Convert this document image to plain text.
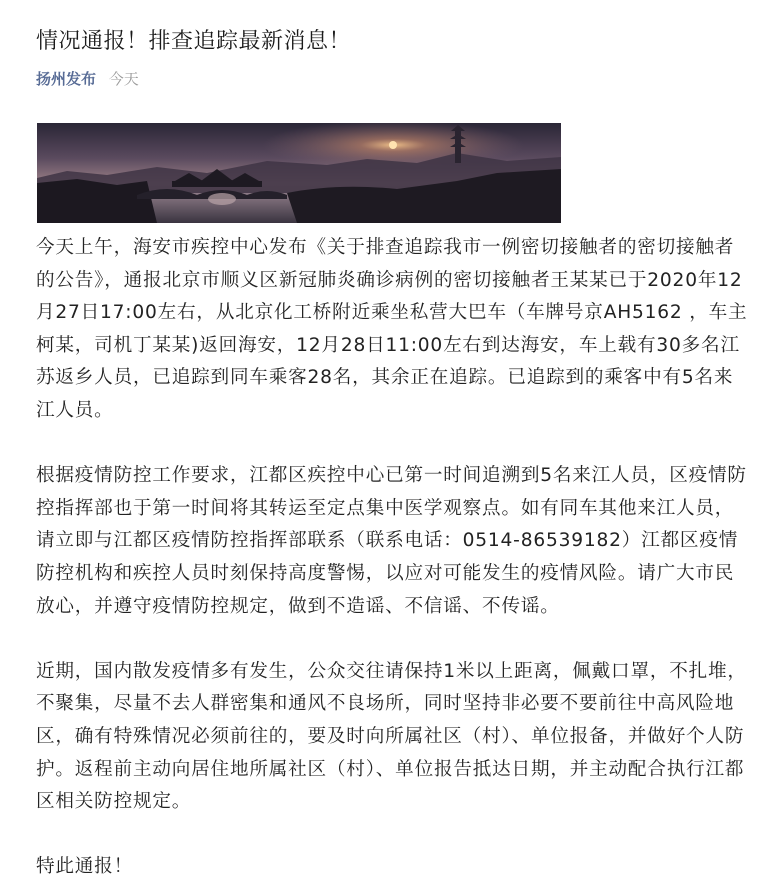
情况通报！排查追踪最新消息！
扬州发布 今天

今天上午，海安市疾控中心发布《关于排查追踪我市一例密切接触者的密切接触者的公告》，通报北京市顺义区新冠肺炎确诊病例的密切接触者王某某已于2020年12月27日17:00左右，从北京化工桥附近乘坐私营大巴车（车牌号京AH5162 ，车主柯某，司机丁某某)返回海安，12月28日11:00左右到达海安，车上载有30多名江苏返乡人员，已追踪到同车乘客28名，其余正在追踪。已追踪到的乘客中有5名来江人员。

根据疫情防控工作要求，江都区疾控中心已第一时间追溯到5名来江人员，区疫情防控指挥部也于第一时间将其转运至定点集中医学观察点。如有同车其他来江人员，请立即与江都区疫情防控指挥部联系（联系电话：0514-86539182）江都区疫情防控机构和疾控人员时刻保持高度警惕，以应对可能发生的疫情风险。请广大市民放心，并遵守疫情防控规定，做到不造谣、不信谣、不传谣。

近期，国内散发疫情多有发生，公众交往请保持1米以上距离，佩戴口罩，不扎堆，不聚集，尽量不去人群密集和通风不良场所，同时坚持非必要不要前往中高风险地区，确有特殊情况必须前往的，要及时向所属社区（村）、单位报备，并做好个人防护。返程前主动向居住地所属社区（村）、单位报告抵达日期，并主动配合执行江都区相关防控规定。

特此通报！
